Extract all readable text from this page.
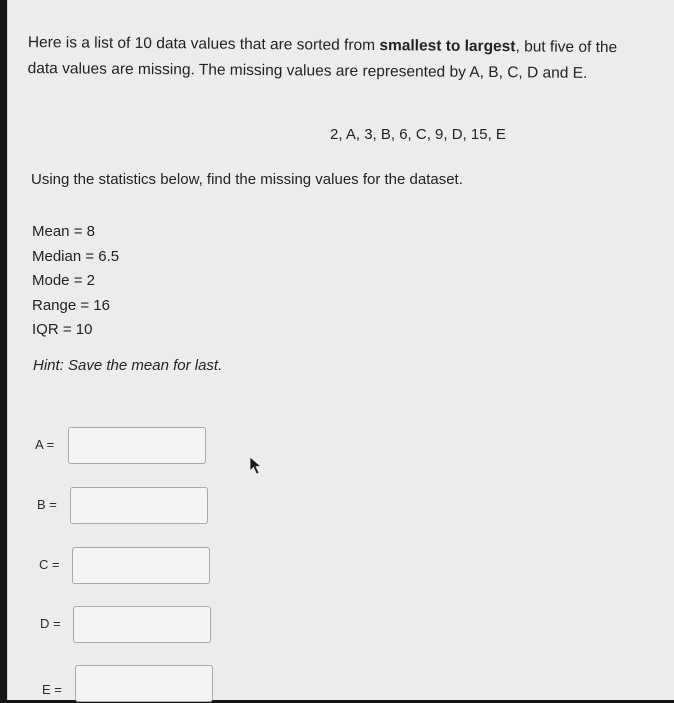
Here is a list of 10 data values that are sorted from smallest to largest, but five of the
data values are missing. The missing values are represented by A, B, C, D and E.

2, A, 3, B, 6, C, 9, D, 15, E
Using the statistics below, find the missing values for the dataset.
Mean = 8
Median = 6.5
Mode = 2
Range = 16
IQR = 10
Hint: Save the mean for last.
A =
B =
C =
D =
E =
